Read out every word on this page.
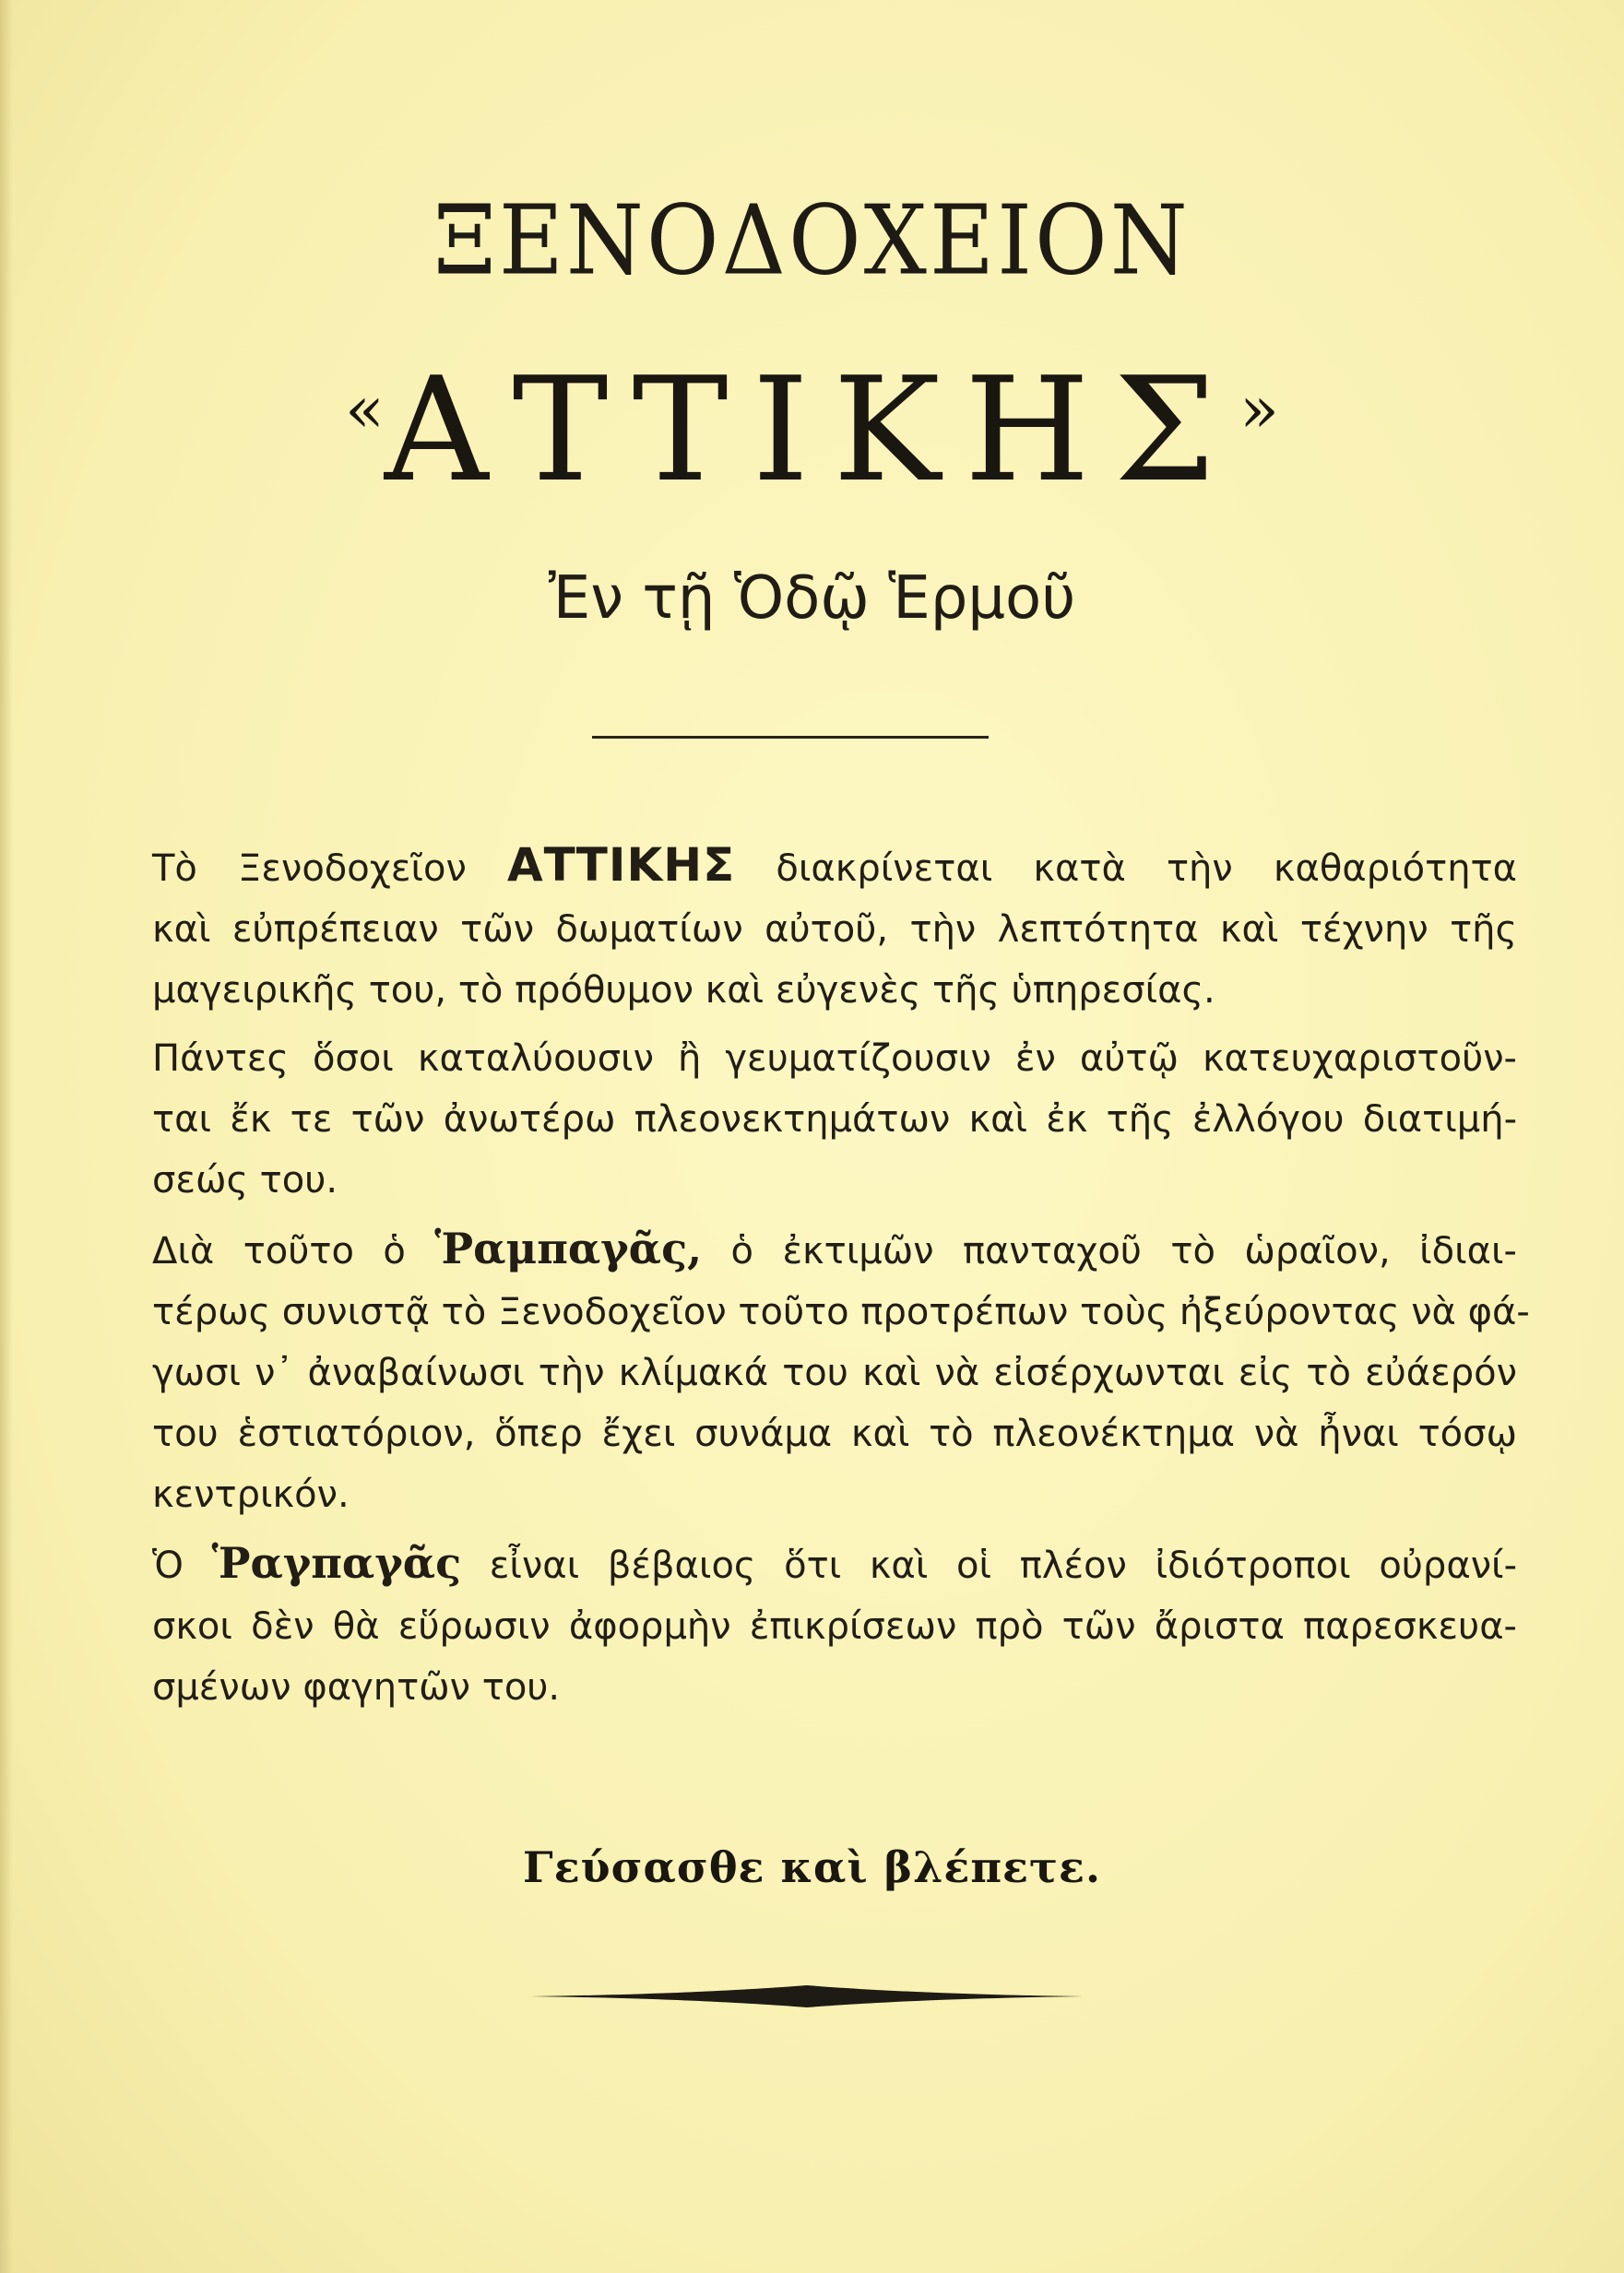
ΞΕΝΟΔΟΧΕΙΟΝ
«ΑΤΤΙΚΗΣ»
Ἐν τῇ Ὁδῷ Ἑρμοῦ

Τὸ Ξενοδοχεῖον ΑΤΤΙΚΗΣ διακρίνεται κατὰ τὴν καθαριότητα
καὶ εὐπρέπειαν τῶν δωματίων αὐτοῦ, τὴν λεπτότητα καὶ τέχνην τῆς
μαγειρικῆς του, τὸ πρόθυμον καὶ εὐγενὲς τῆς ὑπηρεσίας.

Πάντες ὅσοι καταλύουσιν ἢ γευματίζουσιν ἐν αὐτῷ κατευχαριστοῦν-
ται ἔκ τε τῶν ἀνωτέρω πλεονεκτημάτων καὶ ἐκ τῆς ἐλλόγου διατιμή-
σεώς του.

Διὰ τοῦτο ὁ Ῥαμπαγᾶς, ὁ ἐκτιμῶν πανταχοῦ τὸ ὡραῖον, ἰδιαι-
τέρως συνιστᾷ τὸ Ξενοδοχεῖον τοῦτο προτρέπων τοὺς ἠξεύροντας νὰ φά-
γωσι ν᾽ ἀναβαίνωσι τὴν κλίμακά του καὶ νὰ εἰσέρχωνται εἰς τὸ εὐάερόν
του ἑστιατόριον, ὅπερ ἔχει συνάμα καὶ τὸ πλεονέκτημα νὰ ἦναι τόσῳ
κεντρικόν.

Ὁ Ῥαγπαγᾶς εἶναι βέβαιος ὅτι καὶ οἱ πλέον ἰδιότροποι οὐρανί-
σκοι δὲν θὰ εὕρωσιν ἀφορμὴν ἐπικρίσεων πρὸ τῶν ἄριστα παρεσκευα-
σμένων φαγητῶν του.

Γεύσασθε καὶ βλέπετε.
